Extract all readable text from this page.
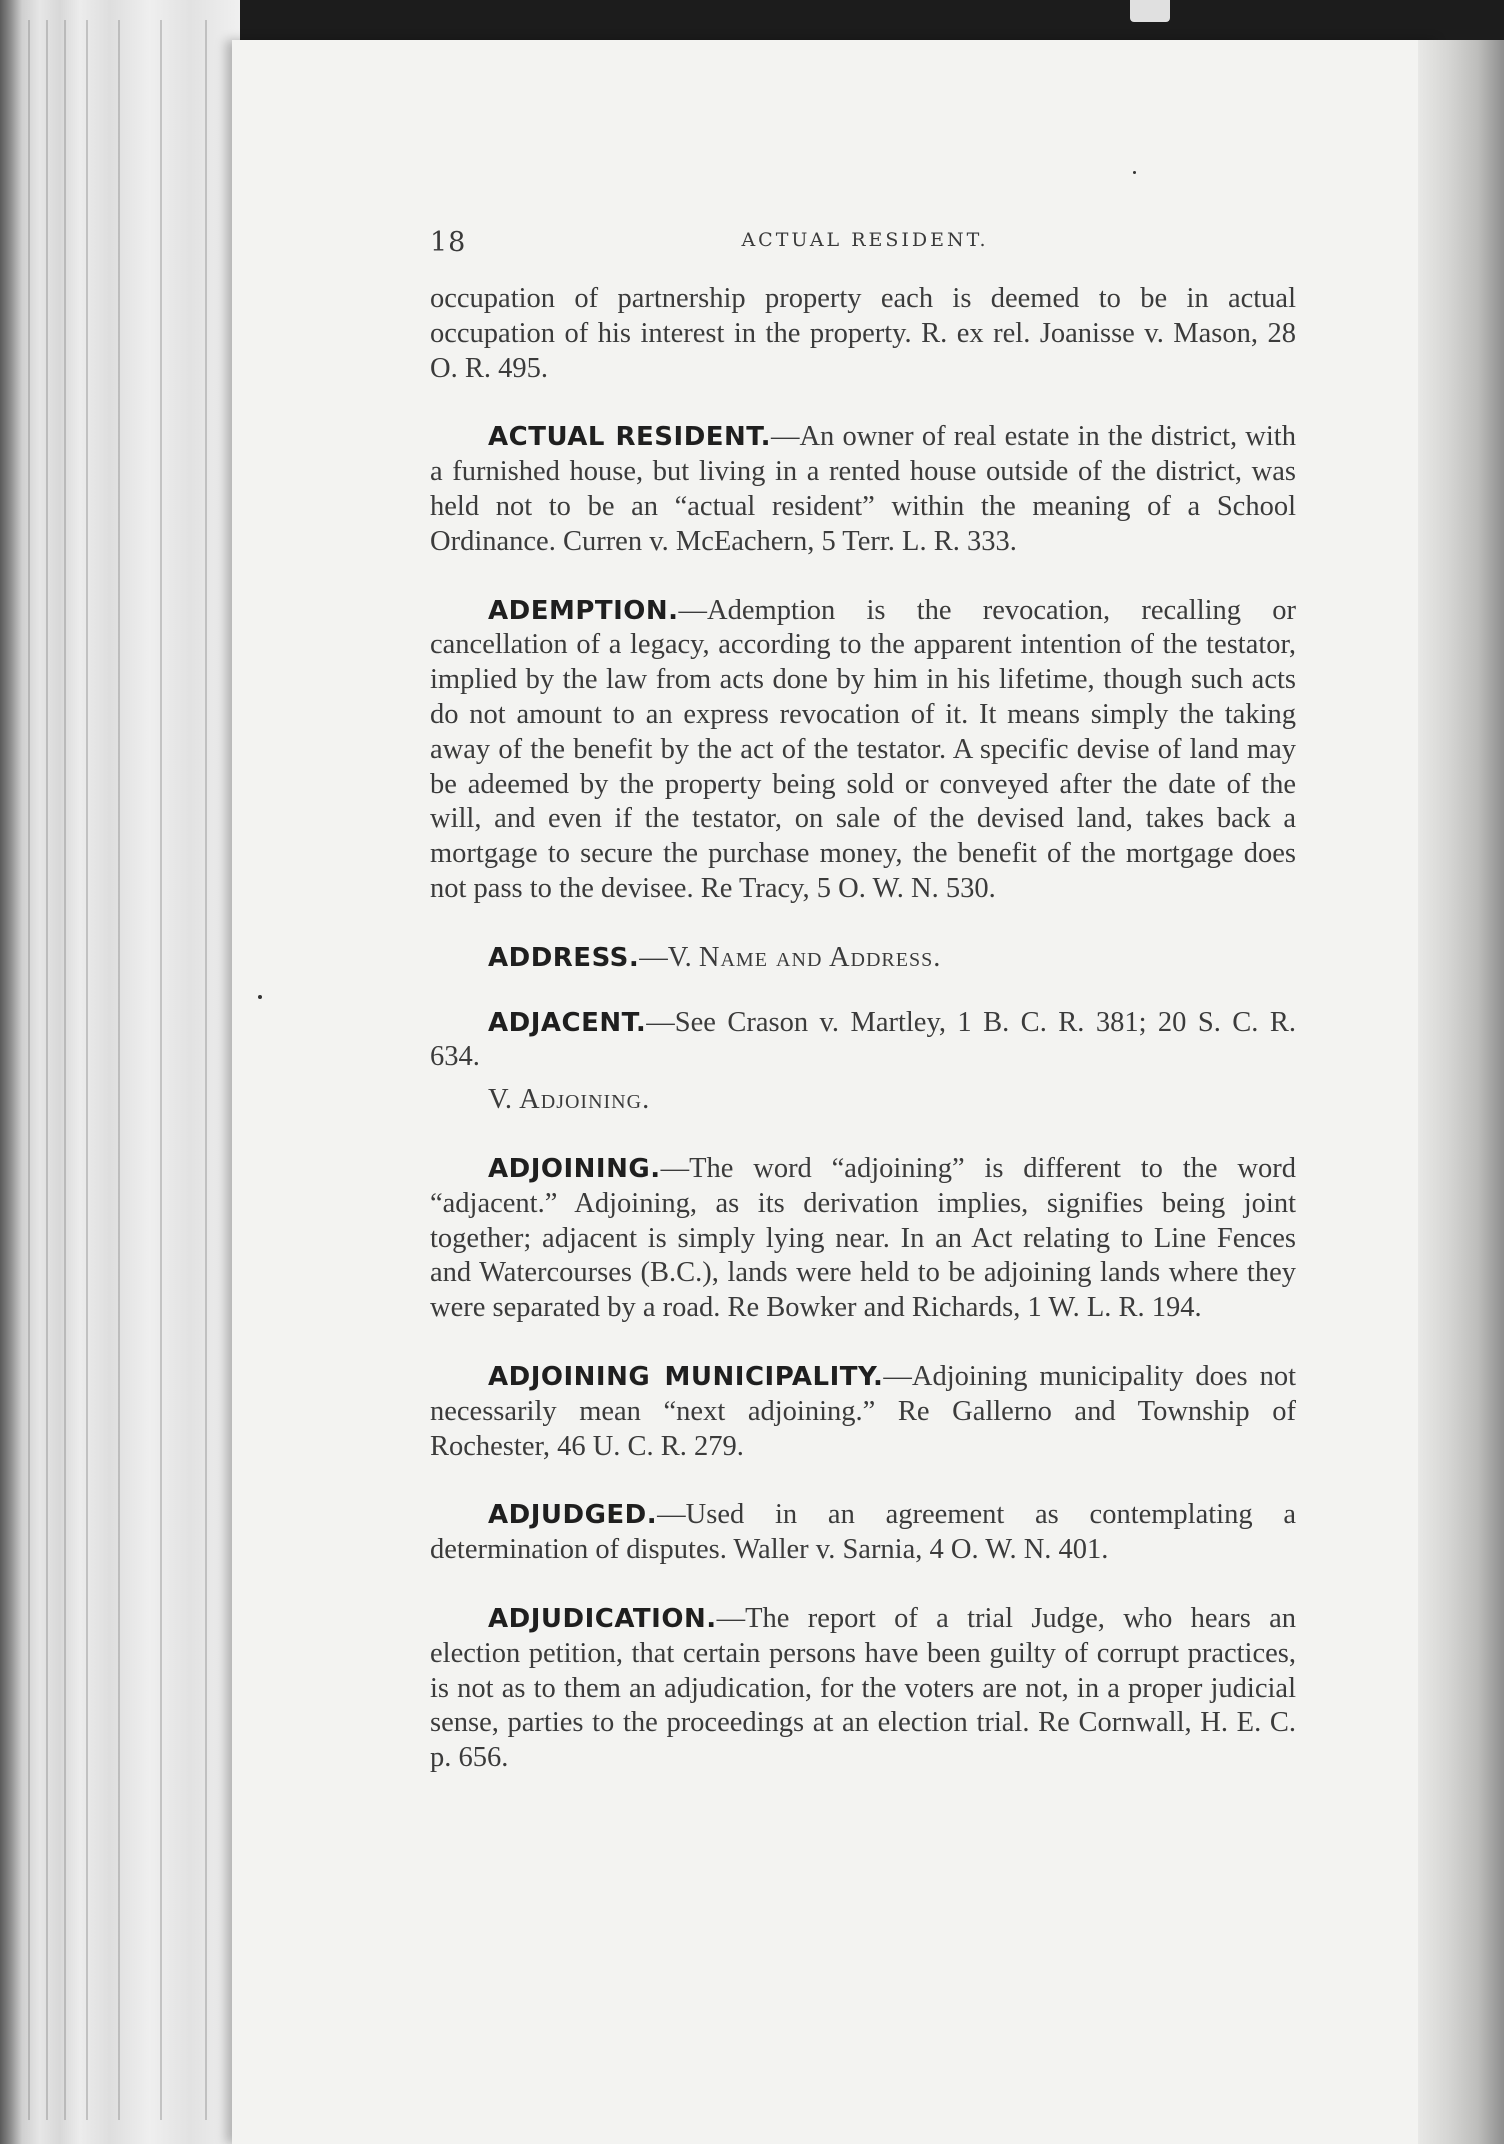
18	ACTUAL RESIDENT.

occupation of partnership property each is deemed to be in actual occupation of his interest in the property. R. ex rel. Joanisse v. Mason, 28 O. R. 495.

ACTUAL RESIDENT.—An owner of real estate in the district, with a furnished house, but living in a rented house outside of the district, was held not to be an “actual resident” within the meaning of a School Ordinance. Curren v. McEachern, 5 Terr. L. R. 333.

ADEMPTION.—Ademption is the revocation, recalling or cancellation of a legacy, according to the apparent intention of the testator, implied by the law from acts done by him in his lifetime, though such acts do not amount to an express revocation of it. It means simply the taking away of the benefit by the act of the testator. A specific devise of land may be adeemed by the property being sold or conveyed after the date of the will, and even if the testator, on sale of the devised land, takes back a mortgage to secure the purchase money, the benefit of the mortgage does not pass to the devisee. Re Tracy, 5 O. W. N. 530.

ADDRESS.—V. Name and Address.

ADJACENT.—See Crason v. Martley, 1 B. C. R. 381; 20 S. C. R. 634.

V. Adjoining.

ADJOINING.—The word “adjoining” is different to the word “adjacent.” Adjoining, as its derivation implies, signifies being joint together; adjacent is simply lying near. In an Act relating to Line Fences and Watercourses (B.C.), lands were held to be adjoining lands where they were separated by a road. Re Bowker and Richards, 1 W. L. R. 194.

ADJOINING MUNICIPALITY.—Adjoining municipality does not necessarily mean “next adjoining.” Re Gallerno and Township of Rochester, 46 U. C. R. 279.

ADJUDGED.—Used in an agreement as contemplating a determination of disputes. Waller v. Sarnia, 4 O. W. N. 401.

ADJUDICATION.—The report of a trial Judge, who hears an election petition, that certain persons have been guilty of corrupt practices, is not as to them an adjudication, for the voters are not, in a proper judicial sense, parties to the proceedings at an election trial. Re Cornwall, H. E. C. p. 656.
